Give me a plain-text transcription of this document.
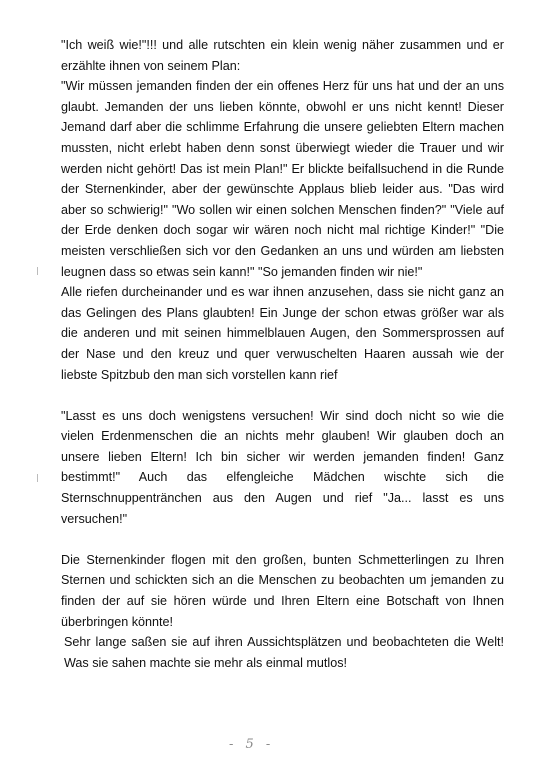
"Ich weiß wie!"!!! und alle rutschten ein klein wenig näher zusammen und er erzählte ihnen von seinem Plan:

"Wir müssen jemanden finden der ein offenes Herz für uns hat und der an uns glaubt. Jemanden der uns lieben könnte, obwohl er uns nicht kennt! Dieser Jemand darf aber die schlimme Erfahrung die unsere geliebten Eltern machen mussten, nicht erlebt haben denn sonst überwiegt wieder die Trauer und wir werden nicht gehört! Das ist mein Plan!" Er blickte beifallsuchend in die Runde der Sternenkinder, aber der gewünschte Applaus blieb leider aus. "Das wird aber so schwierig!" "Wo sollen wir einen solchen Menschen finden?" "Viele auf der Erde denken doch sogar wir wären noch nicht mal richtige Kinder!" "Die meisten verschließen sich vor den Gedanken an uns und würden am liebsten leugnen dass so etwas sein kann!" "So jemanden finden wir nie!"

Alle riefen durcheinander und es war ihnen anzusehen, dass sie nicht ganz an das Gelingen des Plans glaubten! Ein Junge der schon etwas größer war als die anderen und mit seinen himmelblauen Augen, den Sommersprossen auf der Nase und den kreuz und quer verwuschelten Haaren aussah wie der liebste Spitzbub den man sich vorstellen kann rief

"Lasst es uns doch wenigstens versuchen! Wir sind doch nicht so wie die vielen Erdenmenschen die an nichts mehr glauben! Wir glauben doch an unsere lieben Eltern! Ich bin sicher wir werden jemanden finden! Ganz bestimmt!" Auch das elfengleiche Mädchen wischte sich die Sternschnuppentränchen aus den Augen und rief "Ja... lasst es uns versuchen!"

Die Sternenkinder flogen mit den großen, bunten Schmetterlingen zu Ihren Sternen und schickten sich an die Menschen zu beobachten um jemanden zu finden der auf sie hören würde und Ihren Eltern eine Botschaft von Ihnen überbringen könnte!

Sehr lange saßen sie auf ihren Aussichtsplätzen und beobachteten die Welt! Was sie sahen machte sie mehr als einmal mutlos!

- 5 -
